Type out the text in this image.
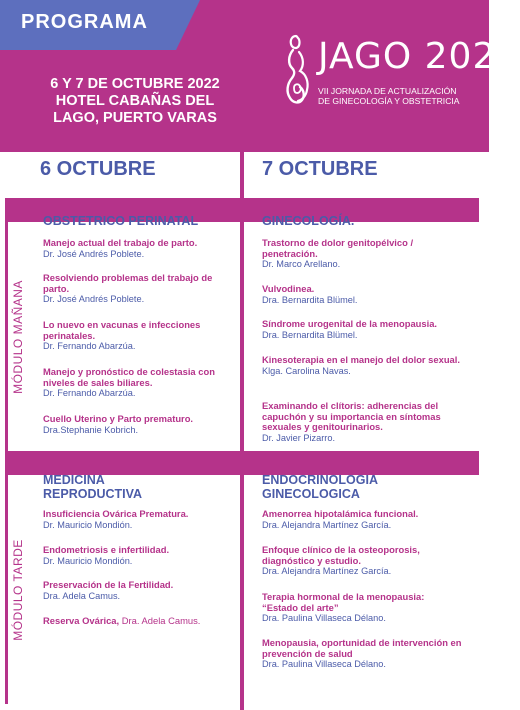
PROGRAMA
6 Y 7 DE OCTUBRE 2022
HOTEL CABAÑAS DEL
LAGO, PUERTO VARAS
JAGO 2022
VII JORNADA DE ACTUALIZACIÓN
DE GINECOLOGÍA Y OBSTETRICIA
6 OCTUBRE	7 OCTUBRE
MÓDULO MAÑANA
MÓDULO TARDE
OBSTETRICO PERINATAL
Manejo actual del trabajo de parto.
Dr. José Andrés Poblete.
Resolviendo problemas del trabajo de parto.
Dr. José Andrés Poblete.
Lo nuevo en vacunas e infecciones perinatales.
Dr. Fernando Abarzúa.
Manejo y pronóstico de colestasia con niveles de sales biliares.
Dr. Fernando Abarzúa.
Cuello Uterino y Parto prematuro.
Dra.Stephanie Kobrich.
GINECOLOGÍA.
Trastorno de dolor genitopélvico / penetración.
Dr. Marco Arellano.
Vulvodinea.
Dra. Bernardita Blümel.
Síndrome urogenital de la menopausia.
Dra. Bernardita Blümel.
Kinesoterapia en el manejo del dolor sexual.
Klga. Carolina Navas.
Examinando el clítoris: adherencias del capuchón y su importancia en síntomas sexuales y genitourinarios.
Dr. Javier Pizarro.
MEDICINA
REPRODUCTIVA
Insuficiencia Ovárica Prematura.
Dr. Mauricio Mondión.
Endometriosis e infertilidad.
Dr. Mauricio Mondión.
Preservación de la Fertilidad.
Dra. Adela Camus.
Reserva Ovárica, Dra. Adela Camus.
ENDOCRINOLOGIA
GINECOLOGICA
Amenorrea hipotalámica funcional.
Dra. Alejandra Martínez García.
Enfoque clínico de la osteoporosis, diagnóstico y estudio.
Dra. Alejandra Martínez García.
Terapia hormonal de la menopausia: “Estado del arte”
Dra. Paulina Villaseca Délano.
Menopausia, oportunidad de intervención en prevención de salud
Dra. Paulina Villaseca Délano.
